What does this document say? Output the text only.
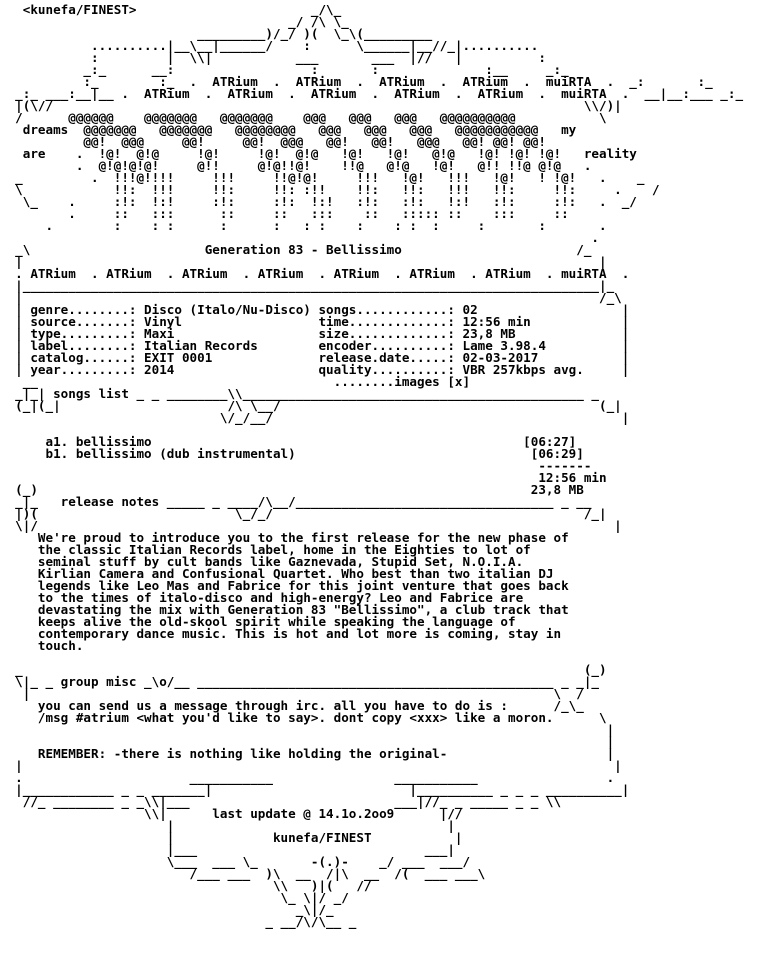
<kunefa/FINEST>                       _/\_
_/ /\ \_
_________)/_/ )(  \_\(_________
..........|__\__|______/    :      \______|__//_|..........
:         |  \\|           ___       ___  |//   |          :
_:_      __:                  :       :              :__     _:_
:_        :_  .  ATRium  .  ATRium  .  ATRium  .  ATRium  .  muiRTA  .  _:       :_
_:_ ___:__|__ .  ATRium  .  ATRium  .  ATRium  .  ATRium  .  ATRium  .  muiRTA  .  __|__:___ _:_
|(\//                                                                      \\/)|
/      @@@@@@    @@@@@@@   @@@@@@@    @@@   @@@   @@@   @@@@@@@@@@           \
dreams  @@@@@@@   @@@@@@@   @@@@@@@@   @@@   @@@   @@@   @@@@@@@@@@@   my
@@!  @@@     @@!     @@!  @@@   @@!   @@!   @@@   @@! @@! @@!
are    .  !@!  @!@     !@!     !@!  @!@   !@!   !@!   @!@   !@! !@! !@!   reality
.  @!@!@!@!     @!!     @!@!!@!    !!@   @!@   !@!   @!! !!@ @!@   .
_         .  !!!@!!!!     !!!     !!@!@!     !!!   !@!   !!!   !@!   ! !@!   .    _
\            !!:  !!!     !!:     !!: :!!    !!:   !!:   !!!   !!:     !!:     .    /
\_    .     :!:  !:!     :!:     :!:  !:!   :!:   :!:   !:!   :!:     :!:   .  _/
.     ::   :::      ::     ::   :::    ::   ::::: ::    :::     ::
.        :    : :      :      :   : :    :    : :  :     :       :       .
.
_\                       Generation 83 - Bellissimo                       /_
|                                                                            |
. ATRium  . ATRium  . ATRium  . ATRium  . ATRium  . ATRium  . ATRium  . muiRTA  .
|____________________________________________________________________________|_
|                                                                            /_\
| genre........: Disco (Italo/Nu-Disco) songs............: 02                   |
| source.......: Vinyl                  time.............: 12:56 min            |
| type.........: Maxi                   size.............: 23,8 MB              |
| label........: Italian Records        encoder..........: Lame 3.98.4          |
| catalog......: EXIT 0001              release.date.....: 02-03-2017           |
| year.........: 2014                   quality..........: VBR 257kbps avg.     |
__                                       ........images [x]
_|_| songs list _ _ ________\\_____________________________________________ _
(_|(_|                      /\ \__/                                          (_|
\/_/__/                                              |

a1. bellissimo                                                 [06:27]
b1. bellissimo (dub instrumental)                               [06:29]
-------
12:56 min
(_)                                                                 23,8 MB
_|_   release notes _____ _ ____/\__/__________________________________ _ __
|)(                          \_/_/                                         /_|
\|/                                                                            |
We're proud to introduce you to the first release for the new phase of
the classic Italian Records label, home in the Eighties to lot of
seminal stuff by cult bands like Gaznevada, Stupid Set, N.O.I.A.
Kirlian Camera and Confusional Quartet. Who best than two italian DJ
legends like Leo Mas and Fabrice for this joint venture that goes back
to the times of italo-disco and high-energy? Leo and Fabrice are
devastating the mix with Generation 83 "Bellissimo", a club track that
keeps alive the old-skool spirit while speaking the language of
contemporary dance music. This is hot and lot more is coming, stay in
touch.

_                                                                          (_)
\|_ _ group misc _\o/__ _______________________________________________ _ _|_
|                                                                     \  /
you can send us a message through irc. all you have to do is :      /_\_
/msg #atrium <what you'd like to say>. dont copy <xxx> like a moron.      \
|
|
REMEMBER: -there is nothing like holding the original-                     |
|                                                                              |
.                      ___________                ___________                 .
|____________ _ _ _______|                          |__________ _ _ _ __________|
//_ ________ _ _\\|___                           ___|//_ _ _____ _ _ \\
\\|      last update @ 14.1o.2oo9      |//
|                                    |
|             kunefa/FINEST           |
|___                              ___|
\___  ___ \_       -(.)-    _/ ___  ___/
/___ ___  )\  __  /|\  __  /(  ___ ___\
\\   )|(   //
\_ \|/ _/
_\|/_
_ __/\/\__ _
